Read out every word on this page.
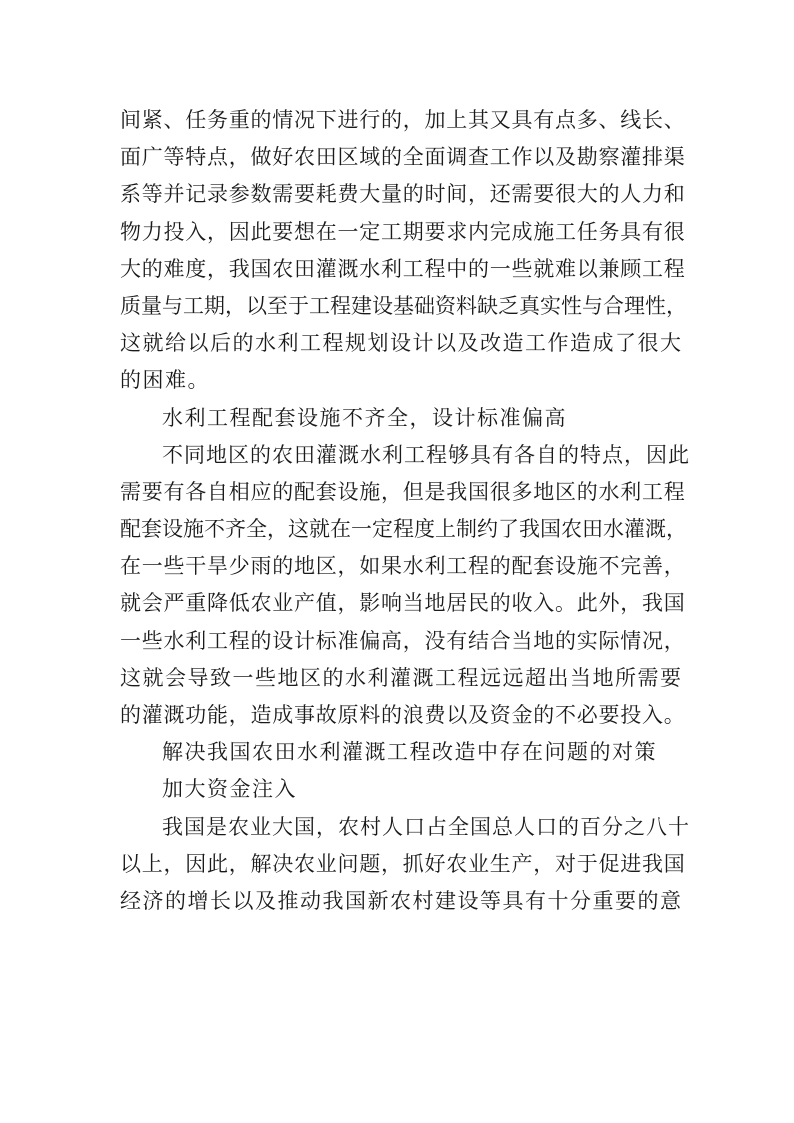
间紧、任务重的情况下进行的，加上其又具有点多、线长、
面广等特点，做好农田区域的全面调查工作以及勘察灌排渠
系等并记录参数需要耗费大量的时间，还需要很大的人力和
物力投入，因此要想在一定工期要求内完成施工任务具有很
大的难度，我国农田灌溉水利工程中的一些就难以兼顾工程
质量与工期，以至于工程建设基础资料缺乏真实性与合理性，
这就给以后的水利工程规划设计以及改造工作造成了很大
的困难。
水利工程配套设施不齐全，设计标准偏高
不同地区的农田灌溉水利工程够具有各自的特点，因此
需要有各自相应的配套设施，但是我国很多地区的水利工程
配套设施不齐全，这就在一定程度上制约了我国农田水灌溉，
在一些干旱少雨的地区，如果水利工程的配套设施不完善，
就会严重降低农业产值，影响当地居民的收入。此外，我国
一些水利工程的设计标准偏高，没有结合当地的实际情况，
这就会导致一些地区的水利灌溉工程远远超出当地所需要
的灌溉功能，造成事故原料的浪费以及资金的不必要投入。
解决我国农田水利灌溉工程改造中存在问题的对策
加大资金注入
我国是农业大国，农村人口占全国总人口的百分之八十
以上，因此，解决农业问题，抓好农业生产，对于促进我国
经济的增长以及推动我国新农村建设等具有十分重要的意
